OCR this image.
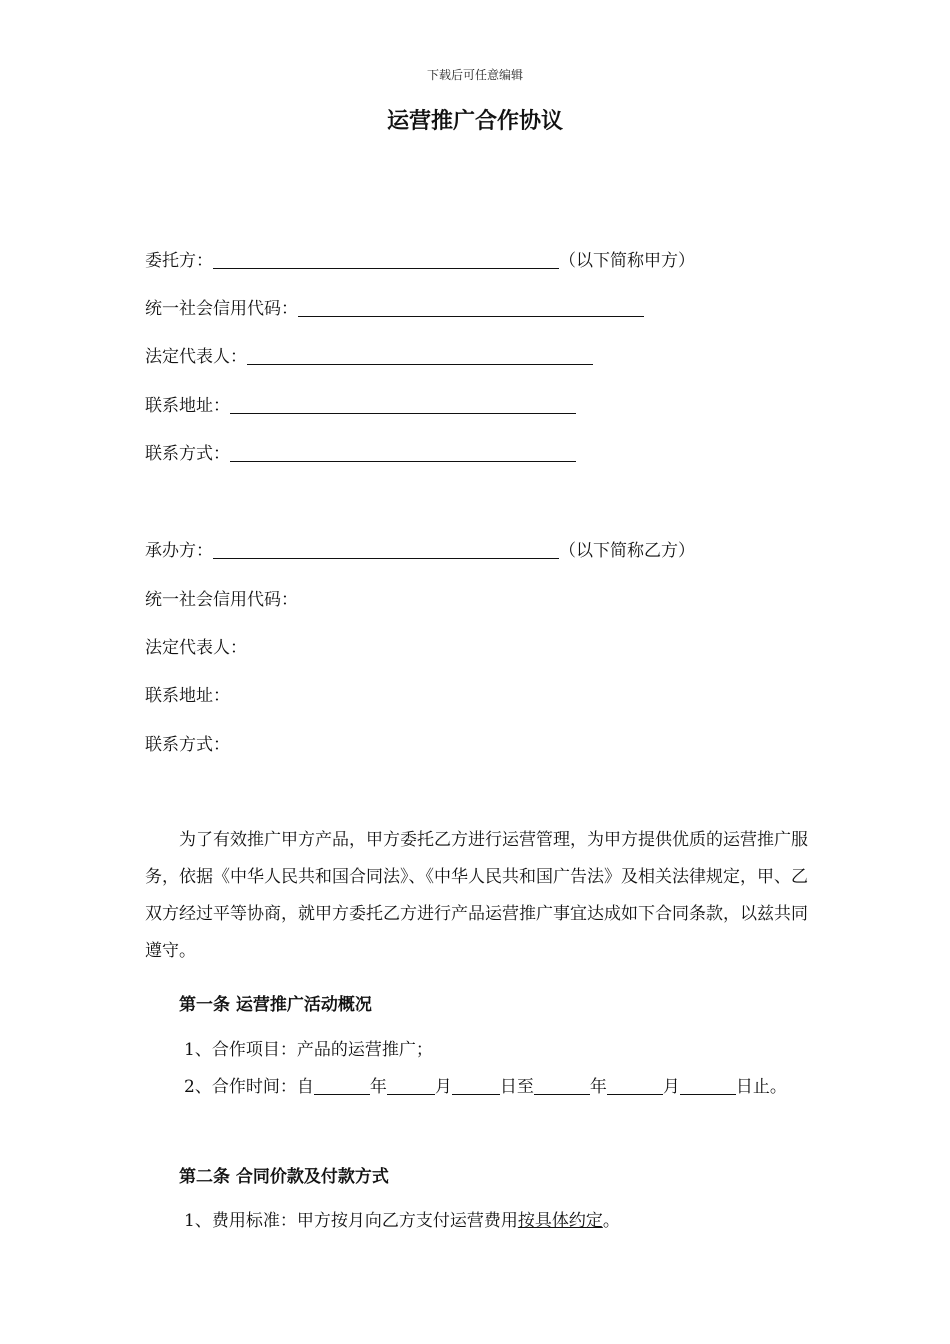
下载后可任意编辑
运营推广合作协议
委托方：	（以下简称甲方）
统一社会信用代码：
法定代表人：
联系地址：
联系方式：
承办方：	（以下简称乙方）
统一社会信用代码：
法定代表人：
联系地址：
联系方式：
为了有效推广甲方产品，甲方委托乙方进行运营管理，为甲方提供优质的运营推广服务，依据《中华人民共和国合同法》、《中华人民共和国广告法》及相关法律规定，甲、乙双方经过平等协商，就甲方委托乙方进行产品运营推广事宜达成如下合同条款，以兹共同遵守。
第一条 运营推广活动概况
1、合作项目：产品的运营推广；
2、合作时间：自	年	月	日至	年	月	日止。
第二条 合同价款及付款方式
1、费用标准：甲方按月向乙方支付运营费用按具体约定。
